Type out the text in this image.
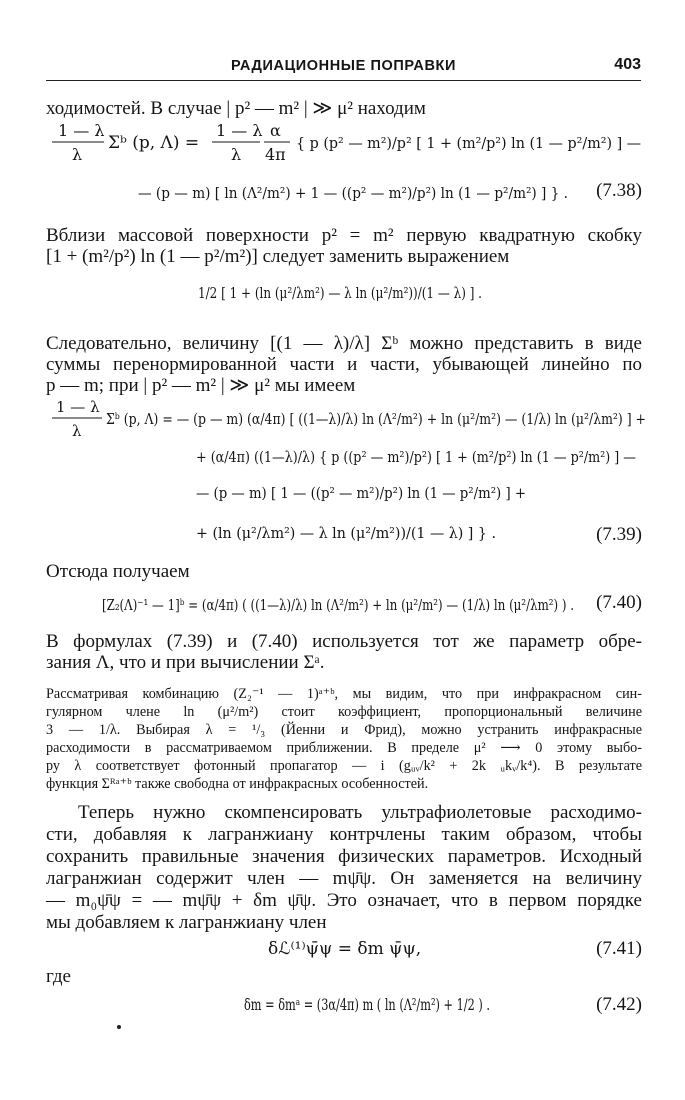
РАДИАЦИОННЫЕ ПОПРАВКИ	403
ходимостей. В случае | p² — m² | ≫ μ² находим
1 — λ
λ
Σᵇ (p, Λ) =
1 — λ
λ
α
4π
{ p (p² — m²)/p² [ 1 + (m²/p²) ln (1 — p²/m²) ] —
— (p — m) [ ln (Λ²/m²) + 1 — ((p² — m²)/p²) ln (1 — p²/m²) ] } . (7.38)
Вблизи массовой поверхности p² = m² первую квадратную скобку
[1 + (m²/p²) ln (1 — p²/m²)] следует заменить выражением
1/2 [ 1 + (ln (μ²/λm²) — λ ln (μ²/m²))/(1 — λ) ] .
Следовательно, величину [(1 — λ)/λ] Σᵇ можно представить в виде
суммы перенормированной части и части, убывающей линейно по
p — m; при | p² — m² | ≫ μ² мы имеем
1 — λ
λ
Σᵇ (p, Λ) = — (p — m) (α/4π) [ ((1—λ)/λ) ln (Λ²/m²) + ln (μ²/m²) — (1/λ) ln (μ²/λm²) ] +
+ (α/4π) ((1—λ)/λ) { p ((p² — m²)/p²) [ 1 + (m²/p²) ln (1 — p²/m²) ] —
— (p — m) [ 1 — ((p² — m²)/p²) ln (1 — p²/m²) ] +
+ (ln (μ²/λm²) — λ ln (μ²/m²))/(1 — λ) ] } .	(7.39)
Отсюда получаем
[Z₂(Λ)⁻¹ — 1]ᵇ = (α/4π) ( ((1—λ)/λ) ln (Λ²/m²) + ln (μ²/m²) — (1/λ) ln (μ²/λm²) ) . (7.40)
В формулах (7.39) и (7.40) используется тот же параметр обре-
зания Λ, что и при вычислении Σᵃ.
Рассматривая комбинацию (Z₂⁻¹ — 1)ᵃ⁺ᵇ, мы видим, что при инфракрасном син-
гулярном члене ln (μ²/m²) стоит коэффициент, пропорциональный величине
3 — 1/λ. Выбирая λ = ¹/₃ (Йенни и Фрид), можно устранить инфракрасные
расходимости в рассматриваемом приближении. В пределе μ² ⟶ 0 этому выбо-
ру λ соответствует фотонный пропагатор — i (gᵤᵥ/k² + 2k ᵤkᵥ/k⁴). В результате
функция Σᴿᵃ⁺ᵇ также свободна от инфракрасных особенностей.
Теперь нужно скомпенсировать ультрафиолетовые расходимо-
сти, добавляя к лагранжиану контрчлены таким образом, чтобы
сохранить правильные значения физических параметров. Исходный
лагранжиан содержит член — mψ̄ψ. Он заменяется на величину
— m₀ψ̄ψ = — mψ̄ψ + δm ψ̄ψ. Это означает, что в первом порядке
мы добавляем к лагранжиану член
δℒ⁽¹⁾ψ̄ψ = δm ψ̄ψ,	(7.41)
где
δm = δmᵃ = (3α/4π) m ( ln (Λ²/m²) + 1/2 ) .	(7.42)
